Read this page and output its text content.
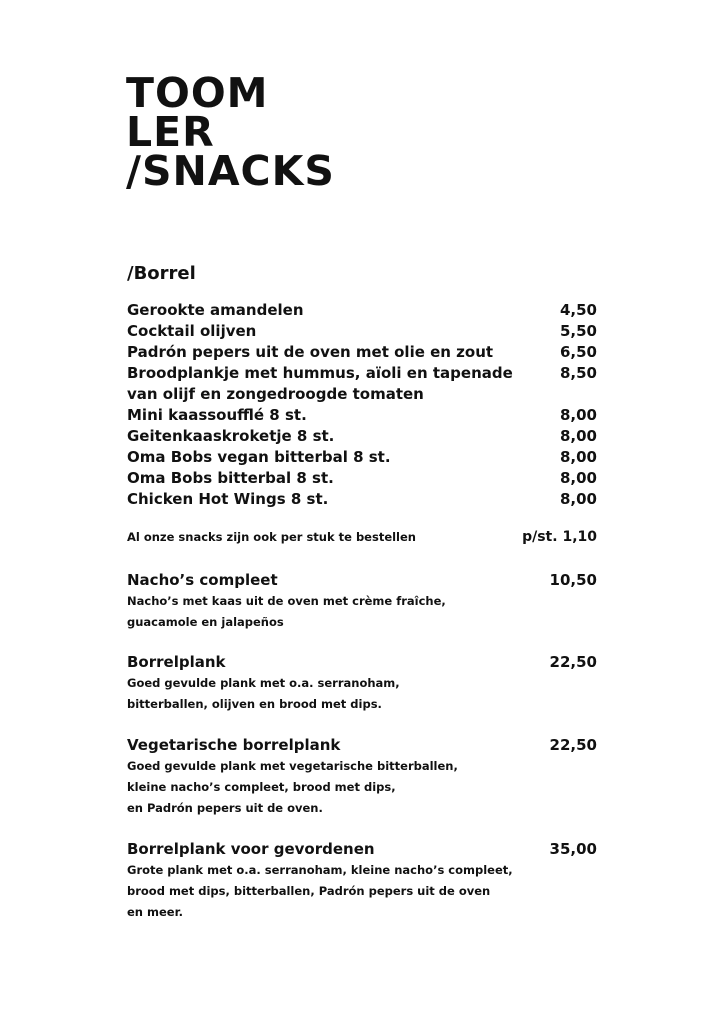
TOOM
LER
/SNACKS
/Borrel
Gerookte amandelen	4,50
Cocktail olijven	5,50
Padrón pepers uit de oven met olie en zout	6,50
Broodplankje met hummus, aïoli en tapenade	8,50
van olijf en zongedroogde tomaten
Mini kaassoufflé 8 st.	8,00
Geitenkaaskroketje 8 st.	8,00
Oma Bobs vegan bitterbal 8 st.	8,00
Oma Bobs bitterbal 8 st.	8,00
Chicken Hot Wings 8 st.	8,00
Al onze snacks zijn ook per stuk te bestellen	p/st. 1,10
Nacho’s compleet	10,50
Nacho’s met kaas uit de oven met crème fraîche,
guacamole en jalapeños
Borrelplank	22,50
Goed gevulde plank met o.a. serranoham,
bitterballen, olijven en brood met dips.
Vegetarische borrelplank	22,50
Goed gevulde plank met vegetarische bitterballen,
kleine nacho’s compleet, brood met dips,
en Padrón pepers uit de oven.
Borrelplank voor gevordenen	35,00
Grote plank met o.a. serranoham, kleine nacho’s compleet,
brood met dips, bitterballen, Padrón pepers uit de oven
en meer.
